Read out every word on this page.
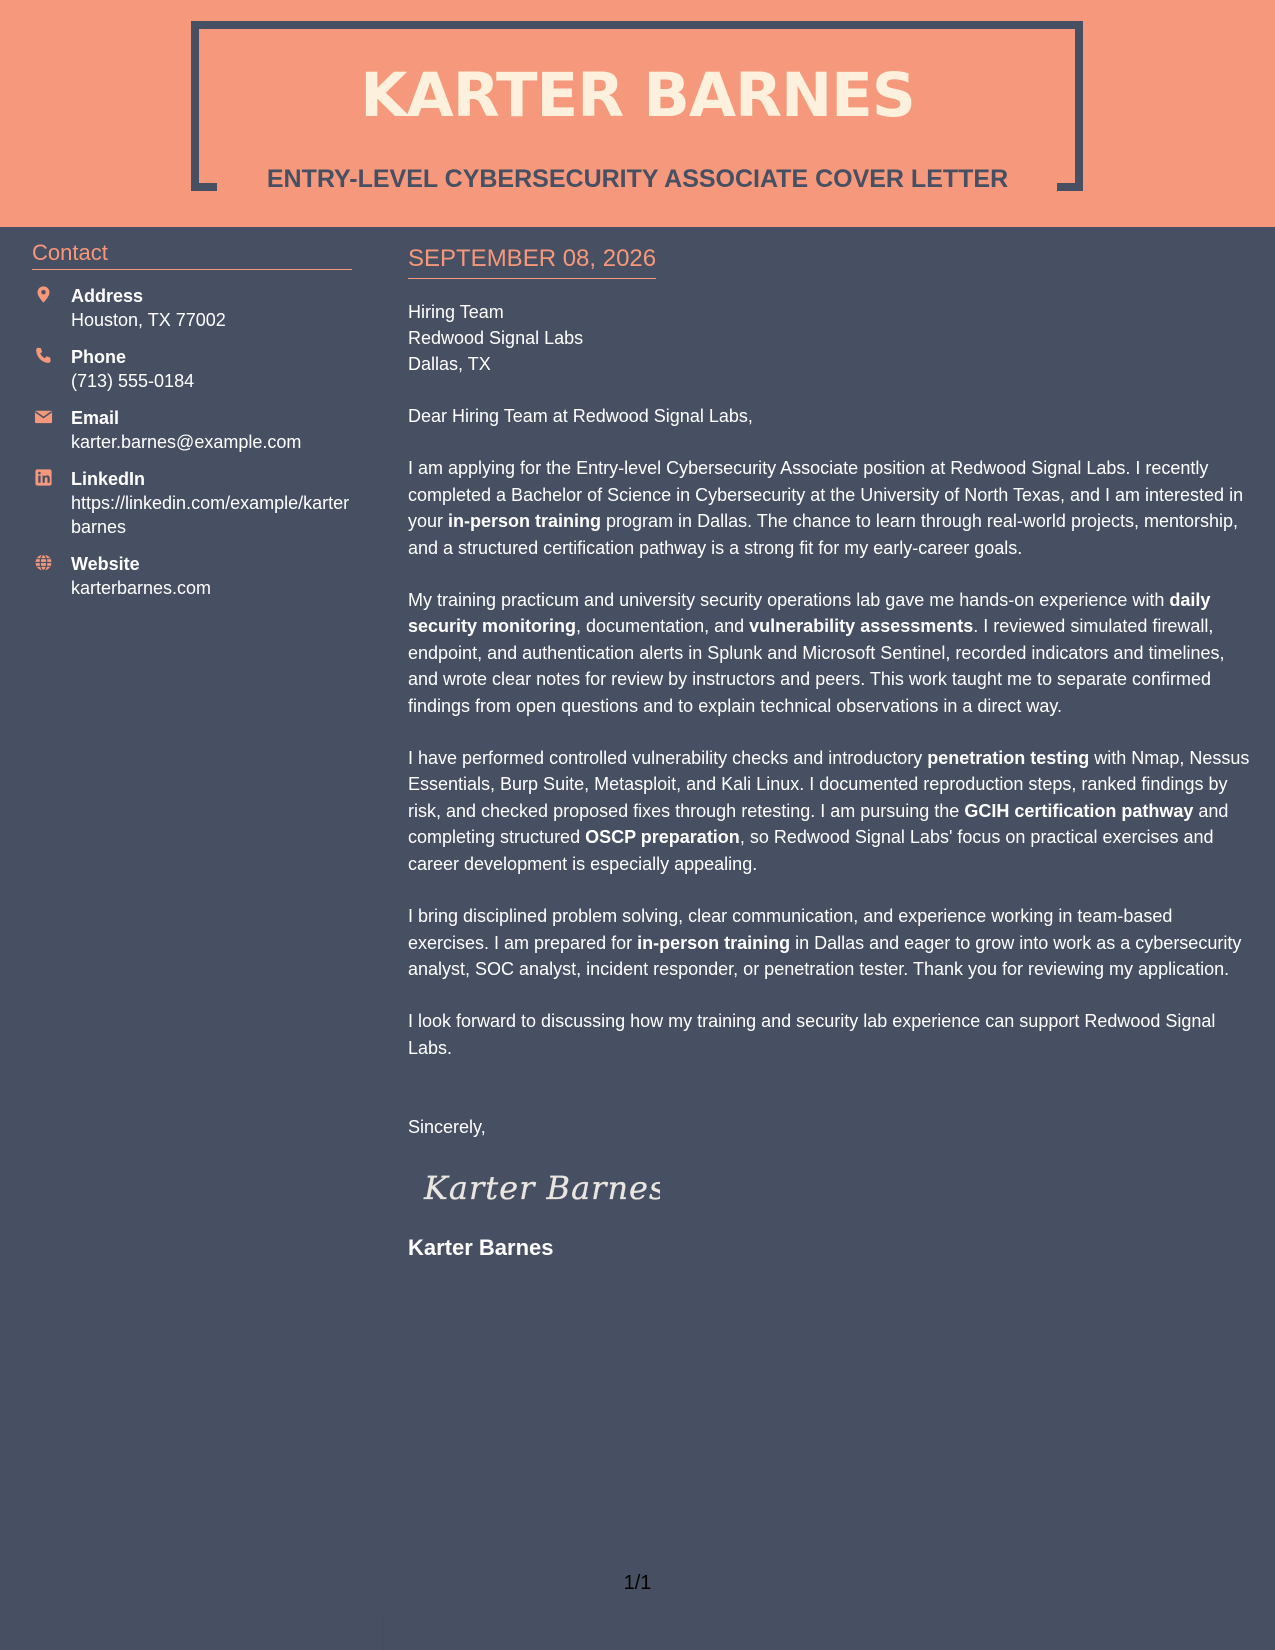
KARTER BARNES
ENTRY-LEVEL CYBERSECURITY ASSOCIATE COVER LETTER
Contact
Address
Houston, TX 77002
Phone
(713) 555-0184
Email
karter.barnes@example.com
LinkedIn
https://linkedin.com/example/karterbarnes
Website
karterbarnes.com
SEPTEMBER 08, 2026
Hiring Team
Redwood Signal Labs
Dallas, TX

Dear Hiring Team at Redwood Signal Labs,

I am applying for the Entry-level Cybersecurity Associate position at Redwood Signal Labs. I recently completed a Bachelor of Science in Cybersecurity at the University of North Texas, and I am interested in your in-person training program in Dallas. The chance to learn through real-world projects, mentorship, and a structured certification pathway is a strong fit for my early-career goals.

My training practicum and university security operations lab gave me hands-on experience with daily security monitoring, documentation, and vulnerability assessments. I reviewed simulated firewall, endpoint, and authentication alerts in Splunk and Microsoft Sentinel, recorded indicators and timelines, and wrote clear notes for review by instructors and peers. This work taught me to separate confirmed findings from open questions and to explain technical observations in a direct way.

I have performed controlled vulnerability checks and introductory penetration testing with Nmap, Nessus Essentials, Burp Suite, Metasploit, and Kali Linux. I documented reproduction steps, ranked findings by risk, and checked proposed fixes through retesting. I am pursuing the GCIH certification pathway and completing structured OSCP preparation, so Redwood Signal Labs' focus on practical exercises and career development is especially appealing.

I bring disciplined problem solving, clear communication, and experience working in team-based exercises. I am prepared for in-person training in Dallas and eager to grow into work as a cybersecurity analyst, SOC analyst, incident responder, or penetration tester. Thank you for reviewing my application.

I look forward to discussing how my training and security lab experience can support Redwood Signal Labs.

Sincerely,
Karter Barnes
Karter Barnes
1/1
